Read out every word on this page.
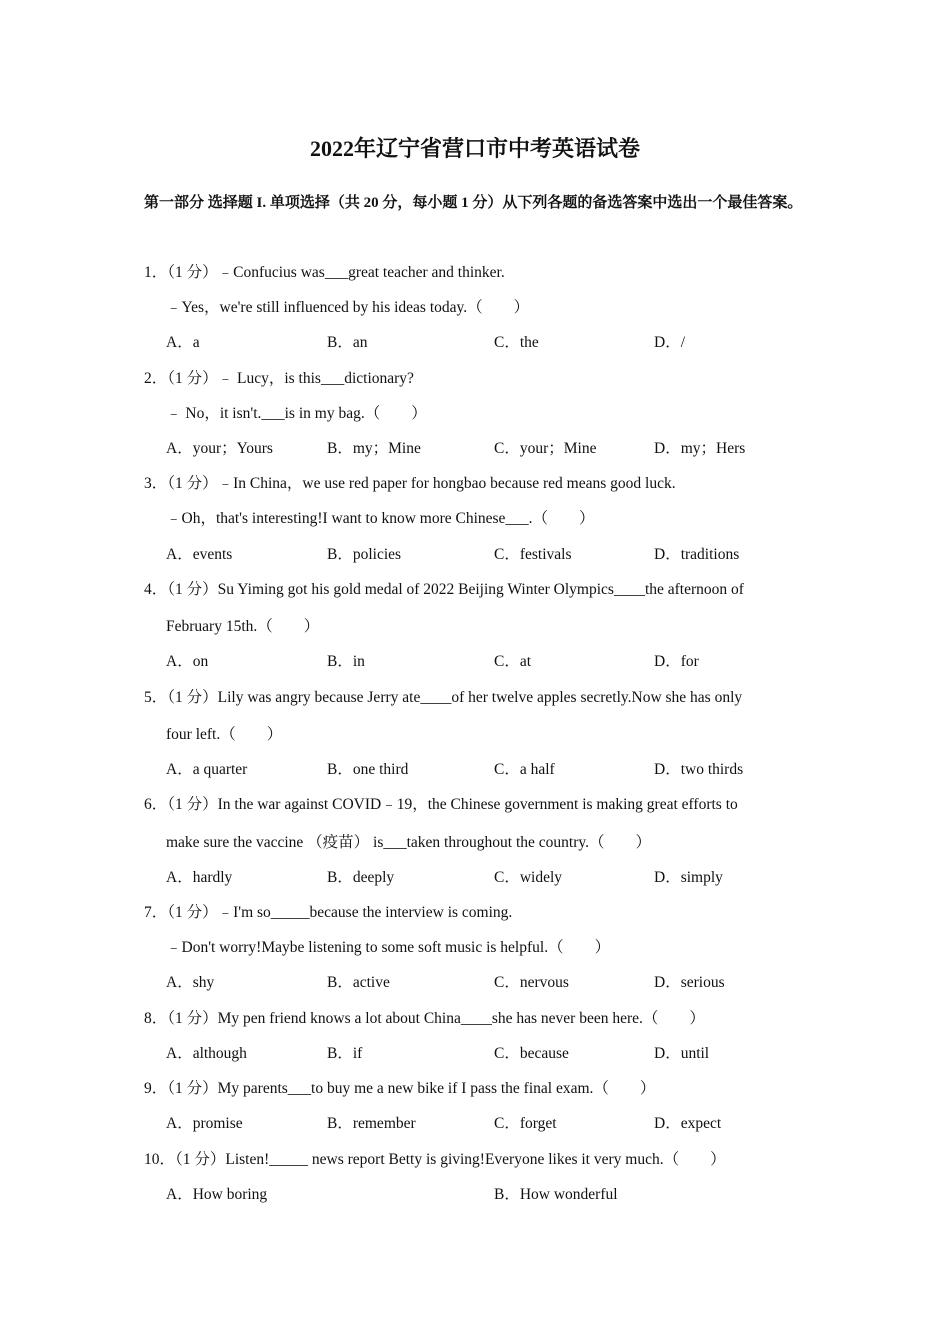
2022年辽宁省营口市中考英语试卷
第一部分 选择题 I. 单项选择（共 20 分，每小题 1 分）从下列各题的备选答案中选出一个最佳答案。
1．（1 分）﹣Confucius was___great teacher and thinker.
﹣Yes，we're still influenced by his ideas today.（　　）
A．a	B．an	C．the	D．/
2．（1 分）﹣ Lucy，is this___dictionary?
﹣ No，it isn't.___is in my bag.（　　）
A．your；Yours	B．my；Mine	C．your；Mine	D．my；Hers
3．（1 分）﹣In China，we use red paper for hongbao because red means good luck.
﹣Oh，that's interesting!I want to know more Chinese___.（　　）
A．events	B．policies	C．festivals	D．traditions
4．（1 分）Su Yiming got his gold medal of 2022 Beijing Winter Olympics____the afternoon of
February 15th.（　　）
A．on	B．in	C．at	D．for
5．（1 分）Lily was angry because Jerry ate____of her twelve apples secretly.Now she has only
four left.（　　）
A．a quarter	B．one third	C．a half	D．two thirds
6．（1 分）In the war against COVID﹣19，the Chinese government is making great efforts to
make sure the vaccine （疫苗） is___taken throughout the country.（　　）
A．hardly	B．deeply	C．widely	D．simply
7．（1 分）﹣I'm so_____because the interview is coming.
﹣Don't worry!Maybe listening to some soft music is helpful.（　　）
A．shy	B．active	C．nervous	D．serious
8．（1 分）My pen friend knows a lot about China____she has never been here.（　　）
A．although	B．if	C．because	D．until
9．（1 分）My parents___to buy me a new bike if I pass the final exam.（　　）
A．promise	B．remember	C．forget	D．expect
10．（1 分）Listen!_____ news report Betty is giving!Everyone likes it very much.（　　）
A．How boring	B．How wonderful
